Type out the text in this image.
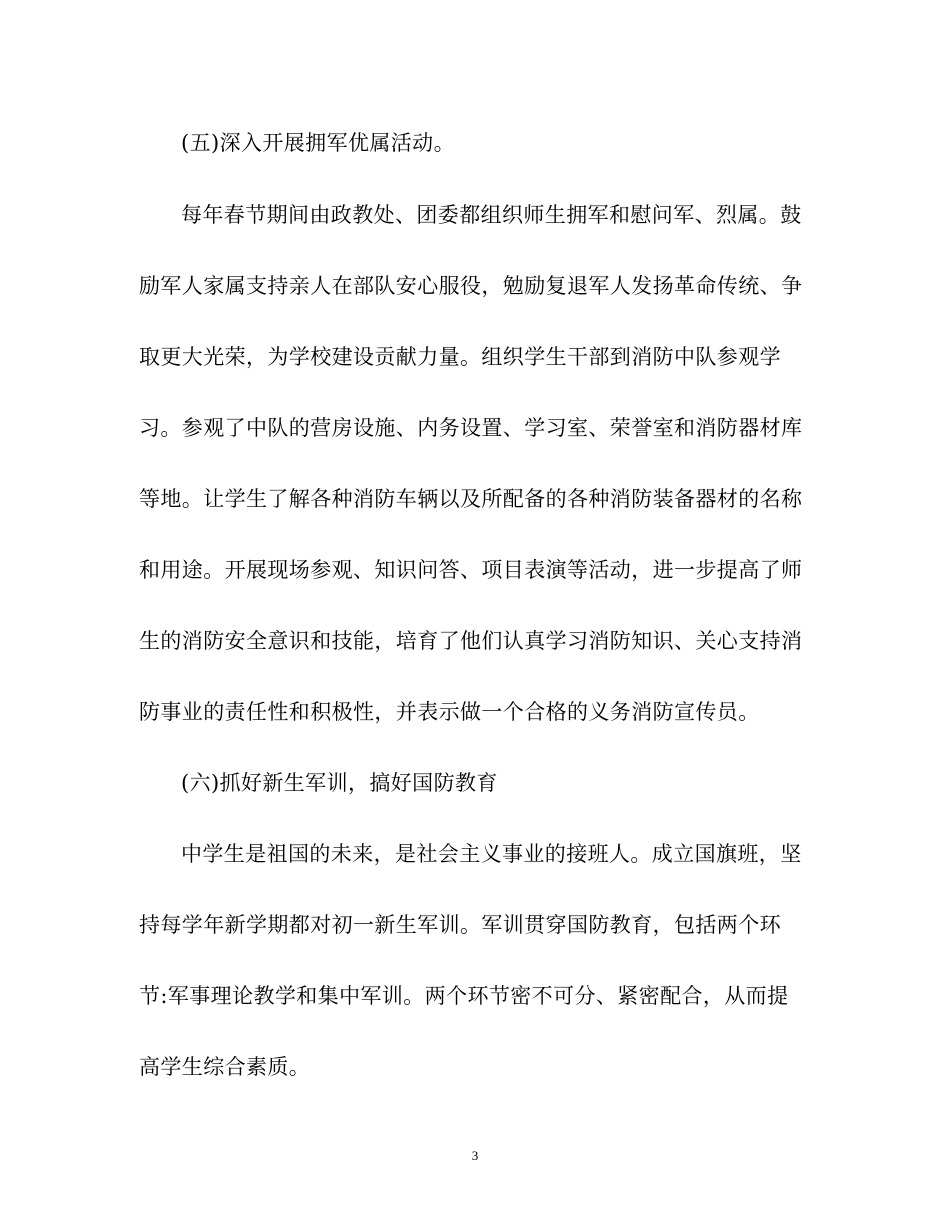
(五)深入开展拥军优属活动。
每年春节期间由政教处、团委都组织师生拥军和慰问军、烈属。鼓
励军人家属支持亲人在部队安心服役，勉励复退军人发扬革命传统、争
取更大光荣，为学校建设贡献力量。组织学生干部到消防中队参观学
习。参观了中队的营房设施、内务设置、学习室、荣誉室和消防器材库
等地。让学生了解各种消防车辆以及所配备的各种消防装备器材的名称
和用途。开展现场参观、知识问答、项目表演等活动，进一步提高了师
生的消防安全意识和技能，培育了他们认真学习消防知识、关心支持消
防事业的责任性和积极性，并表示做一个合格的义务消防宣传员。
(六)抓好新生军训，搞好国防教育
中学生是祖国的未来，是社会主义事业的接班人。成立国旗班，坚
持每学年新学期都对初一新生军训。军训贯穿国防教育，包括两个环
节:军事理论教学和集中军训。两个环节密不可分、紧密配合，从而提
高学生综合素质。
3
